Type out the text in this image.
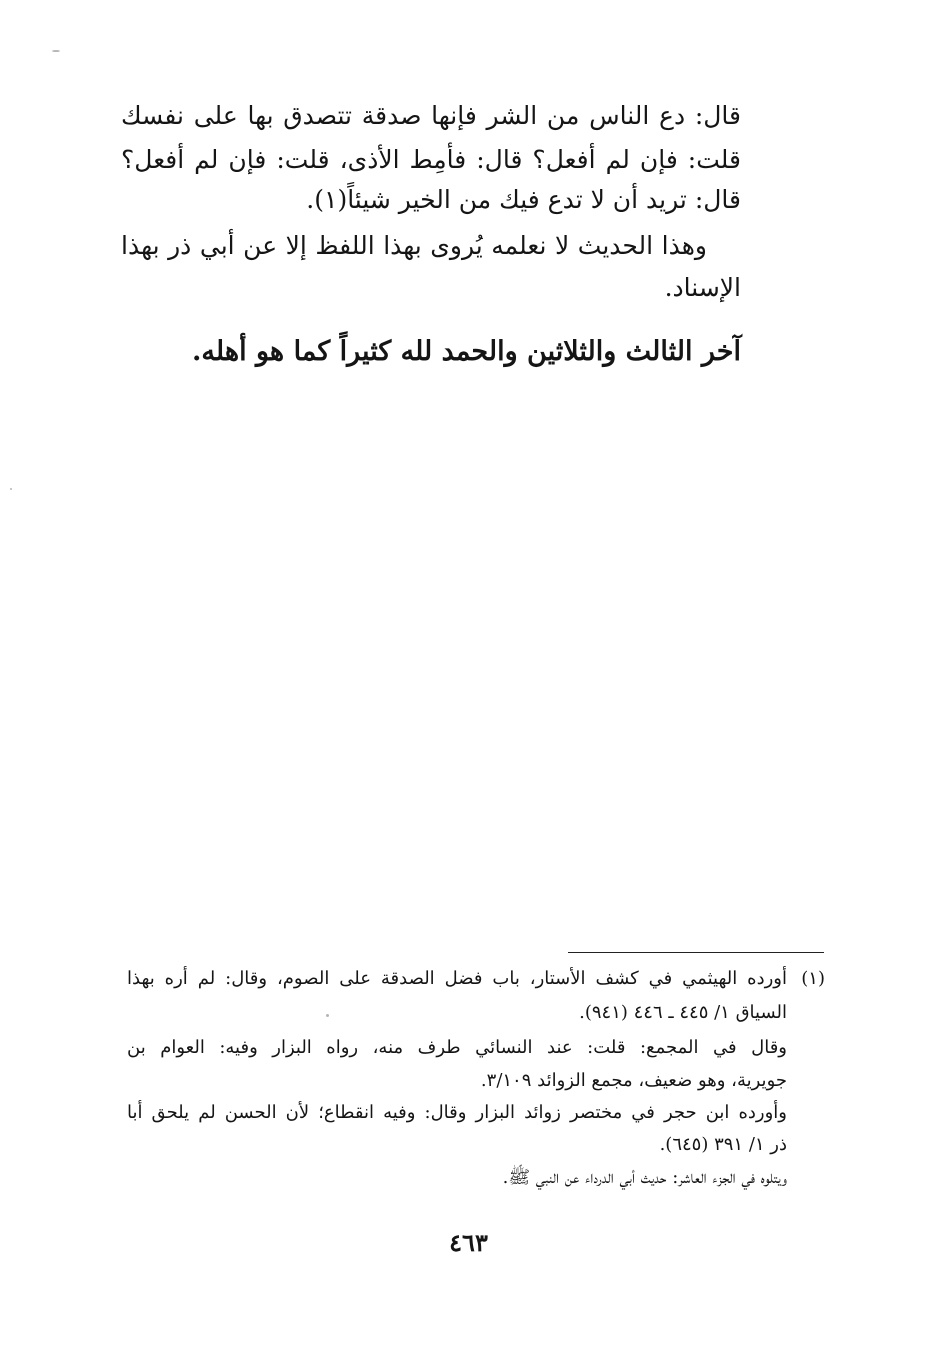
قال: دع الناس من الشر فإنها صدقة تتصدق بها على نفسك
قلت: فإن لم أفعل؟ قال: فأمِط الأذى، قلت: فإن لم أفعل؟
قال: تريد أن لا تدع فيك من الخير شيئاً(١).
وهذا الحديث لا نعلمه يُروى بهذا اللفظ إلا عن أبي ذر بهذا
الإسناد.
آخر الثالث والثلاثين والحمد لله كثيراً كما هو أهله.
(١)
أورده الهيثمي في كشف الأستار، باب فضل الصدقة على الصوم، وقال: لم أره بهذا
السياق ١/ ٤٤٥ ـ ٤٤٦ (٩٤١).
وقال في المجمع: قلت: عند النسائي طرف منه، رواه البزار وفيه: العوام بن
جويرية، وهو ضعيف، مجمع الزوائد ٣/١٠٩.
وأورده ابن حجر في مختصر زوائد البزار وقال: وفيه انقطاع؛ لأن الحسن لم يلحق أبا
ذر ١/ ٣٩١ (٦٤٥).
ويتلوه في الجزء العاشر: حديث أبي الدرداء عن النبي ﷺ.
٤٦٣
